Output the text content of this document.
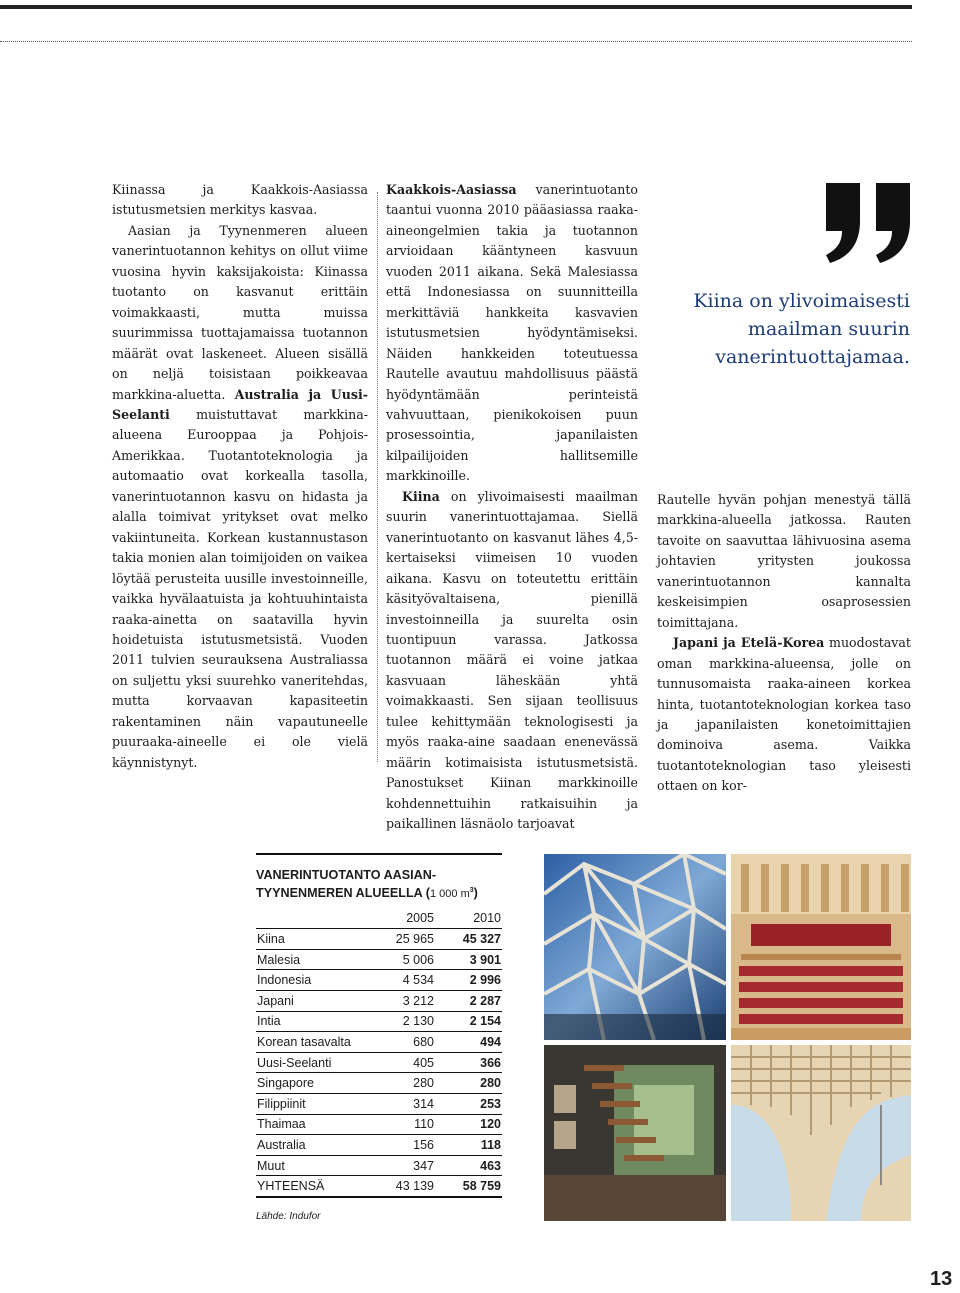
Kiinassa ja Kaakkois-Aasiassa istutusmetsien merkitys kasvaa.

Aasian ja Tyynenmeren alueen vanerintuotannon kehitys on ollut viime vuosina hyvin kaksijakoista: Kiinassa tuotanto on kasvanut erittäin voimakkaasti, mutta muissa suurimmissa tuottajamaissa tuotannon määrät ovat laskeneet. Alueen sisällä on neljä toisistaan poikkeavaa markkina-aluetta. Australia ja Uusi-Seelanti muistuttavat markkina-alueena Eurooppaa ja Pohjois-Amerikkaa. Tuotantoteknologia ja automaatio ovat korkealla tasolla, vanerintuotannon kasvu on hidasta ja alalla toimivat yritykset ovat melko vakiintuneita. Korkean kustannustason takia monien alan toimijoiden on vaikea löytää perusteita uusille investoinneille, vaikka hyvälaatuista ja kohtuuhintaista raaka-ainetta on saatavilla hyvin hoidetuista istutusmetsistä. Vuoden 2011 tulvien seurauksena Australiassa on suljettu yksi suurehko vaneritehdas, mutta korvaavan kapasiteetin rakentaminen näin vapautuneelle puuraaka-aineelle ei ole vielä käynnistynyt.

Kaakkois-Aasiassa vanerintuotanto taantui vuonna 2010 pääasiassa raaka-aineongelmien takia ja tuotannon arvioidaan kääntyneen kasvuun vuoden 2011 aikana. Sekä Malesiassa että Indonesiassa on suunnitteilla merkittäviä hankkeita kasvavien istutusmetsien hyödyntämiseksi. Näiden hankkeiden toteutuessa Rautelle avautuu mahdollisuus päästä hyödyntämään perinteistä vahvuuttaan, pienikokoisen puun prosessointia, japanilaisten kilpailijoiden hallitsemille markkinoille.

Kiina on ylivoimaisesti maailman suurin vanerintuottajamaa. Siellä vanerintuotanto on kasvanut lähes 4,5-kertaiseksi viimeisen 10 vuoden aikana. Kasvu on toteutettu erittäin käsityövaltaisena, pienillä investoinneilla ja suurelta osin tuontipuun varassa. Jatkossa tuotannon määrä ei voine jatkaa kasvuaan läheskään yhtä voimakkaasti. Sen sijaan teollisuus tulee kehittymään teknologisesti ja myös raaka-aine saadaan enenevässä määrin kotimaisista istutusmetsistä. Panostukset Kiinan markkinoille kohdennettuihin ratkaisuihin ja paikallinen läsnäolo tarjoavat

Kiina on ylivoimaisesti maailman suurin vanerintuottajamaa.

Rautelle hyvän pohjan menestyä tällä markkina-alueella jatkossa. Rauten tavoite on saavuttaa lähivuosina asema johtavien yritysten joukossa vanerintuotannon kannalta keskeisimpien osaprosessien toimittajana.

Japani ja Etelä-Korea muodostavat oman markkina-alueensa, jolle on tunnusomaista raaka-aineen korkea hinta, tuotantoteknologian korkea taso ja japanilaisten konetoimittajien dominoiva asema. Vaikka tuotantoteknologian taso yleisesti ottaen on kor-

VANERINTUOTANTO AASIAN-
TYYNENMEREN ALUEELLA (1 000 $m^3$)
	2005	2010
Kiina	25 965	45 327
Malesia	5 006	3 901
Indonesia	4 534	2 996
Japani	3 212	2 287
Intia	2 130	2 154
Korean tasavalta	680	494
Uusi-Seelanti	405	366
Singapore	280	280
Filippiinit	314	253
Thaimaa	110	120
Australia	156	118
Muut	347	463
YHTEENSÄ	43 139	58 759
Lähde: Indufor
13
